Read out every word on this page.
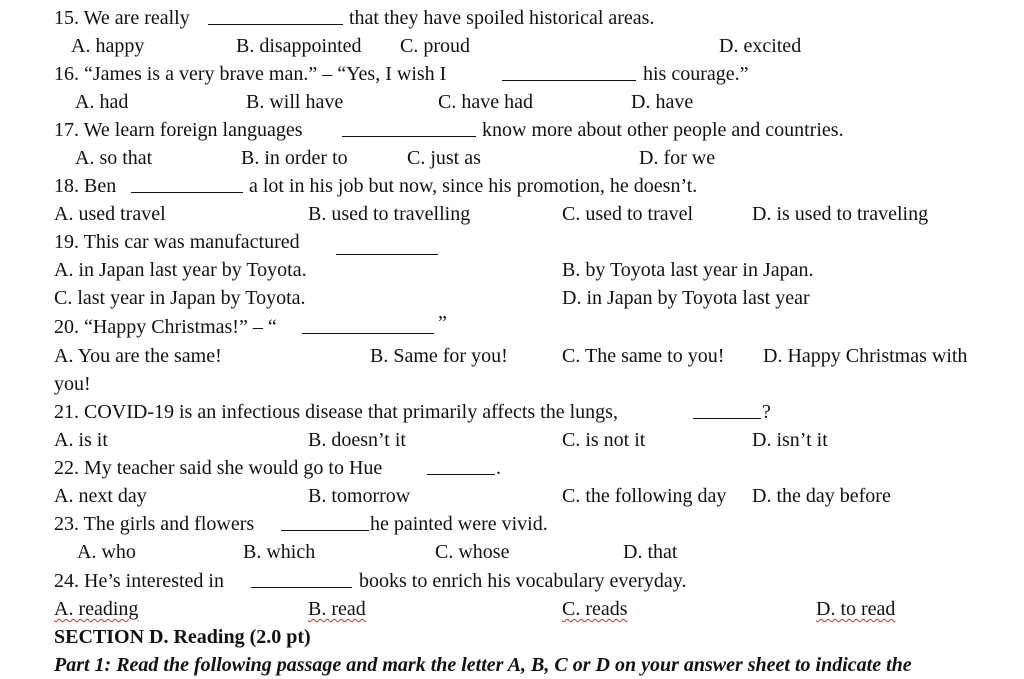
15. We are really	that they have spoiled historical areas.
A. happy	B. disappointed C. proud	D. excited
16. “James is a very brave man.” – “Yes, I wish I	his courage.”
A. had	B. will have	C. have had	D. have
17. We learn foreign languages	know more about other people and countries.
A. so that	B. in order to	C. just as	D. for we
18. Ben	a lot in his job but now, since his promotion, he doesn’t.
A. used travel	B. used to travelling	C. used to travel	D. is used to traveling
19. This car was manufactured
A. in Japan last year by Toyota.	B. by Toyota last year in Japan.
C. last year in Japan by Toyota.	D. in Japan by Toyota last year
20. “Happy Christmas!” – “	”
A. You are the same!	B. Same for you!	C. The same to you! D. Happy Christmas with
you!
21. COVID-19 is an infectious disease that primarily affects the lungs,	?
A. is it	B. doesn’t it	C. is not it	D. isn’t it
22. My teacher said she would go to Hue	.
A. next day	B. tomorrow	C. the following day D. the day before
23. The girls and flowers	he painted were vivid.
A. who	B. which	C. whose	D. that
24. He’s interested in	books to enrich his vocabulary everyday.
A. reading	B. read	C. reads	D. to read
SECTION D. Reading (2.0 pt)
Part 1: Read the following passage and mark the letter A, B, C or D on your answer sheet to indicate the
